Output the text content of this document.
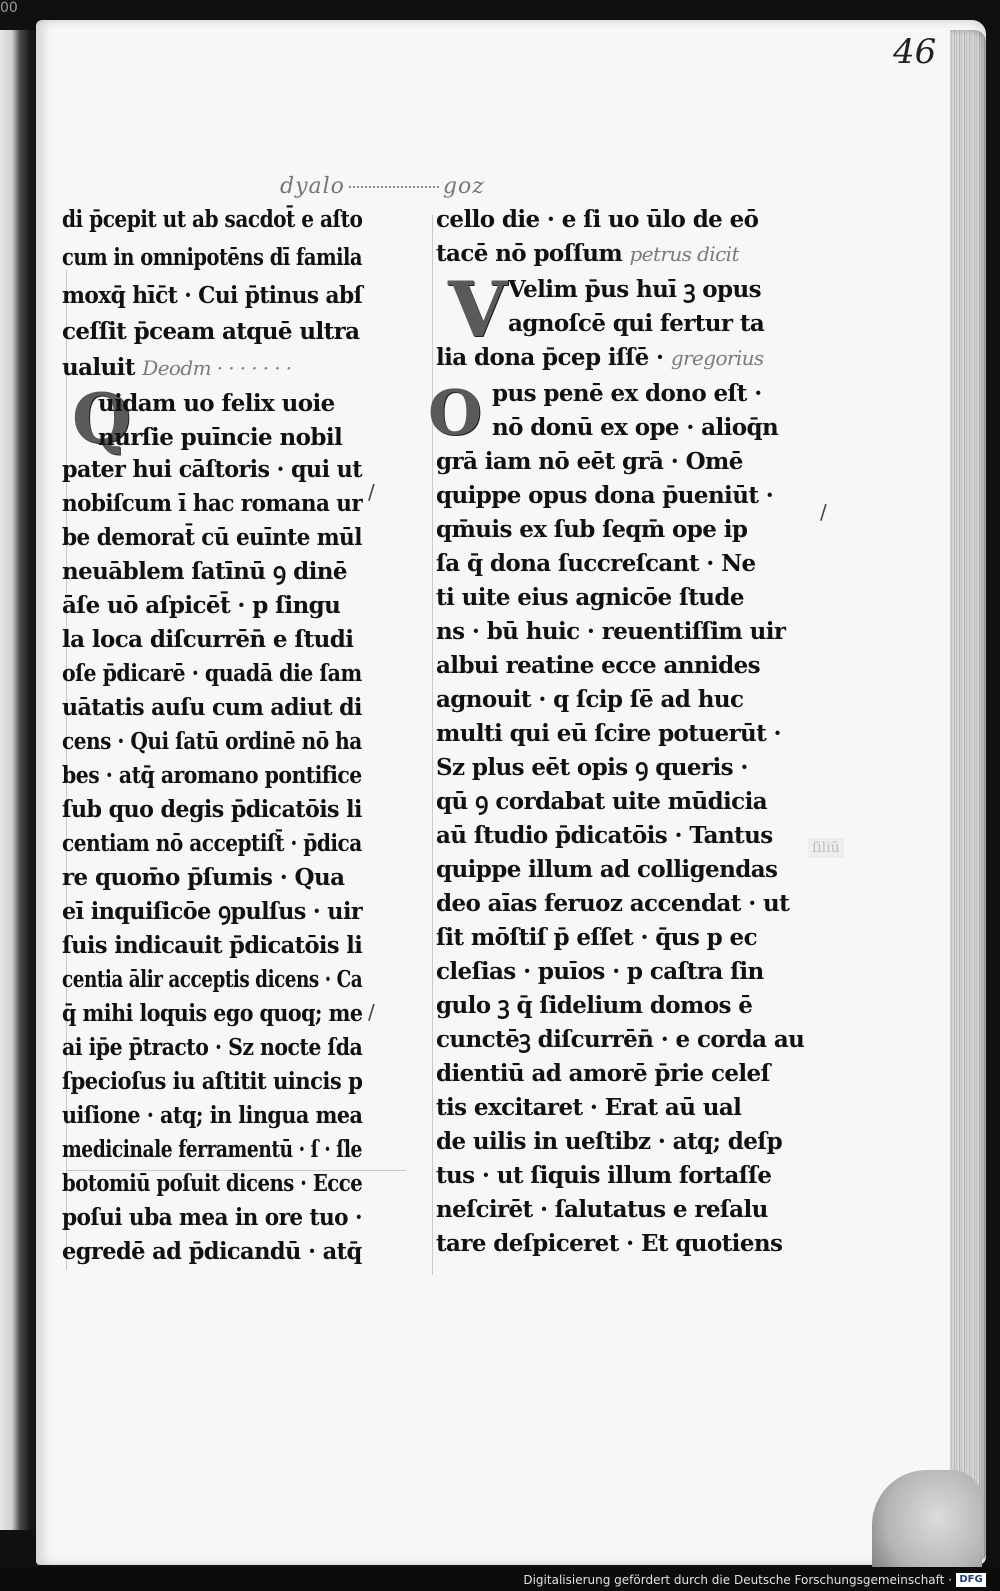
00
46
dyalo	goz
di p̄cepit ut ab sacdot̄ e aſto
cum in omnipotēns dī famila
moxq̄ hīc̄t · Cui p̄tinus abſ
ceſſit p̄ceam atquē ultra
ualuit Deodm · · · · · · ·
Q
uidam uo felix uoie
nurſie puīncie nobil
pater hui cāſtoris · qui ut
nobiſcum ī hac romana ur
be demorat̄ cū euīnte mūl
neuāblem ſatīnū ꝯ dinē
āſe uō aſpicēt̄ · p ſingu
la loca diſcurrēn̄ e ſtudi
oſe p̄dicarē · quadā die ſam
uātatis auſu cum adiut di
cens · Qui ſatū ordinē nō ha
bes · atq̄ aromano pontifice
ſub quo degis p̄dicatōis li
centiam nō acceptiſt̄ · p̄dica
re quom̄o p̄ſumis · Qua
eī inquiſicōe ꝯpulſus · uir
ſuis indicauit p̄dicatōis li
centia ālir acceptis dicens · Ca
q̄ mihi loquis ego quoq; me
ai ip̄e p̄tracto · Sz nocte ſda
ſpecioſus iu aſtitit uincis p
uiſione · atq; in lingua mea
medicinale ferramentū · ſ · ſle
botomiū poſuit dicens · Ecce
poſui uba mea in ore tuo ·
egredē ad p̄dicandū · atq̄
/
/
cello die · e ſi uo ūlo de eō
tacē nō poſſum petrus dicit
V Velim p̄us huī ꝫ opus
agnoſcē qui fertur ta
lia dona p̄cep iſſē · gregorius
O pus penē ex dono eſt ·
nō donū ex ope · alioq̄n
grā iam nō eēt grā · Omē
quippe opus dona p̄ueniūt ·
qm̄uis ex ſub ſeqm̄ ope ip
ſa q̄ dona ſuccreſcant · Ne
ti uite eius agnicōe ſtude
ns · bū huic · reuentiſſim uir
albui reatine ecce annides
agnouit · q ſcip ſē ad huc
multi qui eū ſcire potuerūt ·
Sz plus eēt opis ꝯ queris ·
qū ꝯ cordabat uite mūdicia
aū ſtudio p̄dicatōis · Tantus
quippe illum ad colligendas
deo aīas feruoz accendat · ut
ſit mōſtiſ p̄ eſſet · q̄us p ec
cleſias · puīos · p caſtra ſin
gulo ꝫ q̄ ſidelium domos ē
cunctēꝫ diſcurrēn̄ · e corda au
dientiū ad amorē p̄rie celeſ
tis excitaret · Erat aū ual
de uilis in ueſtibz · atq; deſp
tus · ut ſiquis illum fortaſſe
neſcirēt · ſalutatus e reſalu
tare deſpiceret · Et quotiens
/
ſiliū
Digitalisierung gefördert durch die Deutsche Forschungsgemeinschaft · DFG
